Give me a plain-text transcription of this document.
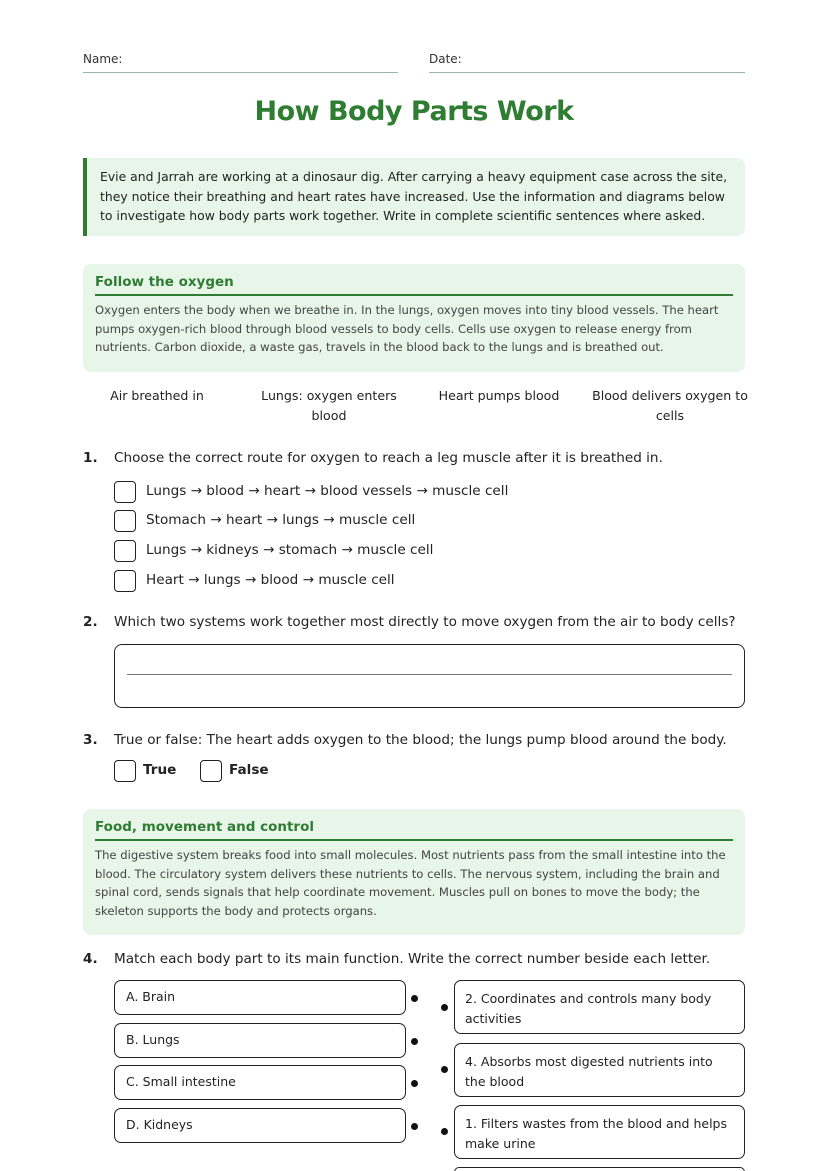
Name:	Date:
How Body Parts Work
Evie and Jarrah are working at a dinosaur dig. After carrying a heavy equipment case across the site, they notice their breathing and heart rates have increased. Use the information and diagrams below to investigate how body parts work together. Write in complete scientific sentences where asked.
Follow the oxygen
Oxygen enters the body when we breathe in. In the lungs, oxygen moves into tiny blood vessels. The heart pumps oxygen-rich blood through blood vessels to body cells. Cells use oxygen to release energy from nutrients. Carbon dioxide, a waste gas, travels in the blood back to the lungs and is breathed out.
Air breathed in	Lungs: oxygen enters blood
Heart pumps blood	Blood delivers oxygen to cells
1. Choose the correct route for oxygen to reach a leg muscle after it is breathed in.
Lungs → blood → heart → blood vessels → muscle cell
Stomach → heart → lungs → muscle cell
Lungs → kidneys → stomach → muscle cell
Heart → lungs → blood → muscle cell
2. Which two systems work together most directly to move oxygen from the air to body cells?
3. True or false: The heart adds oxygen to the blood; the lungs pump blood around the body.
True	False
Food, movement and control
The digestive system breaks food into small molecules. Most nutrients pass from the small intestine into the blood. The circulatory system delivers these nutrients to cells. The nervous system, including the brain and spinal cord, sends signals that help coordinate movement. Muscles pull on bones to move the body; the skeleton supports the body and protects organs.
4. Match each body part to its main function. Write the correct number beside each letter.
A. Brain
B. Lungs
C. Small intestine
D. Kidneys
2. Coordinates and controls many body activities
4. Absorbs most digested nutrients into the blood
1. Filters wastes from the blood and helps make urine
